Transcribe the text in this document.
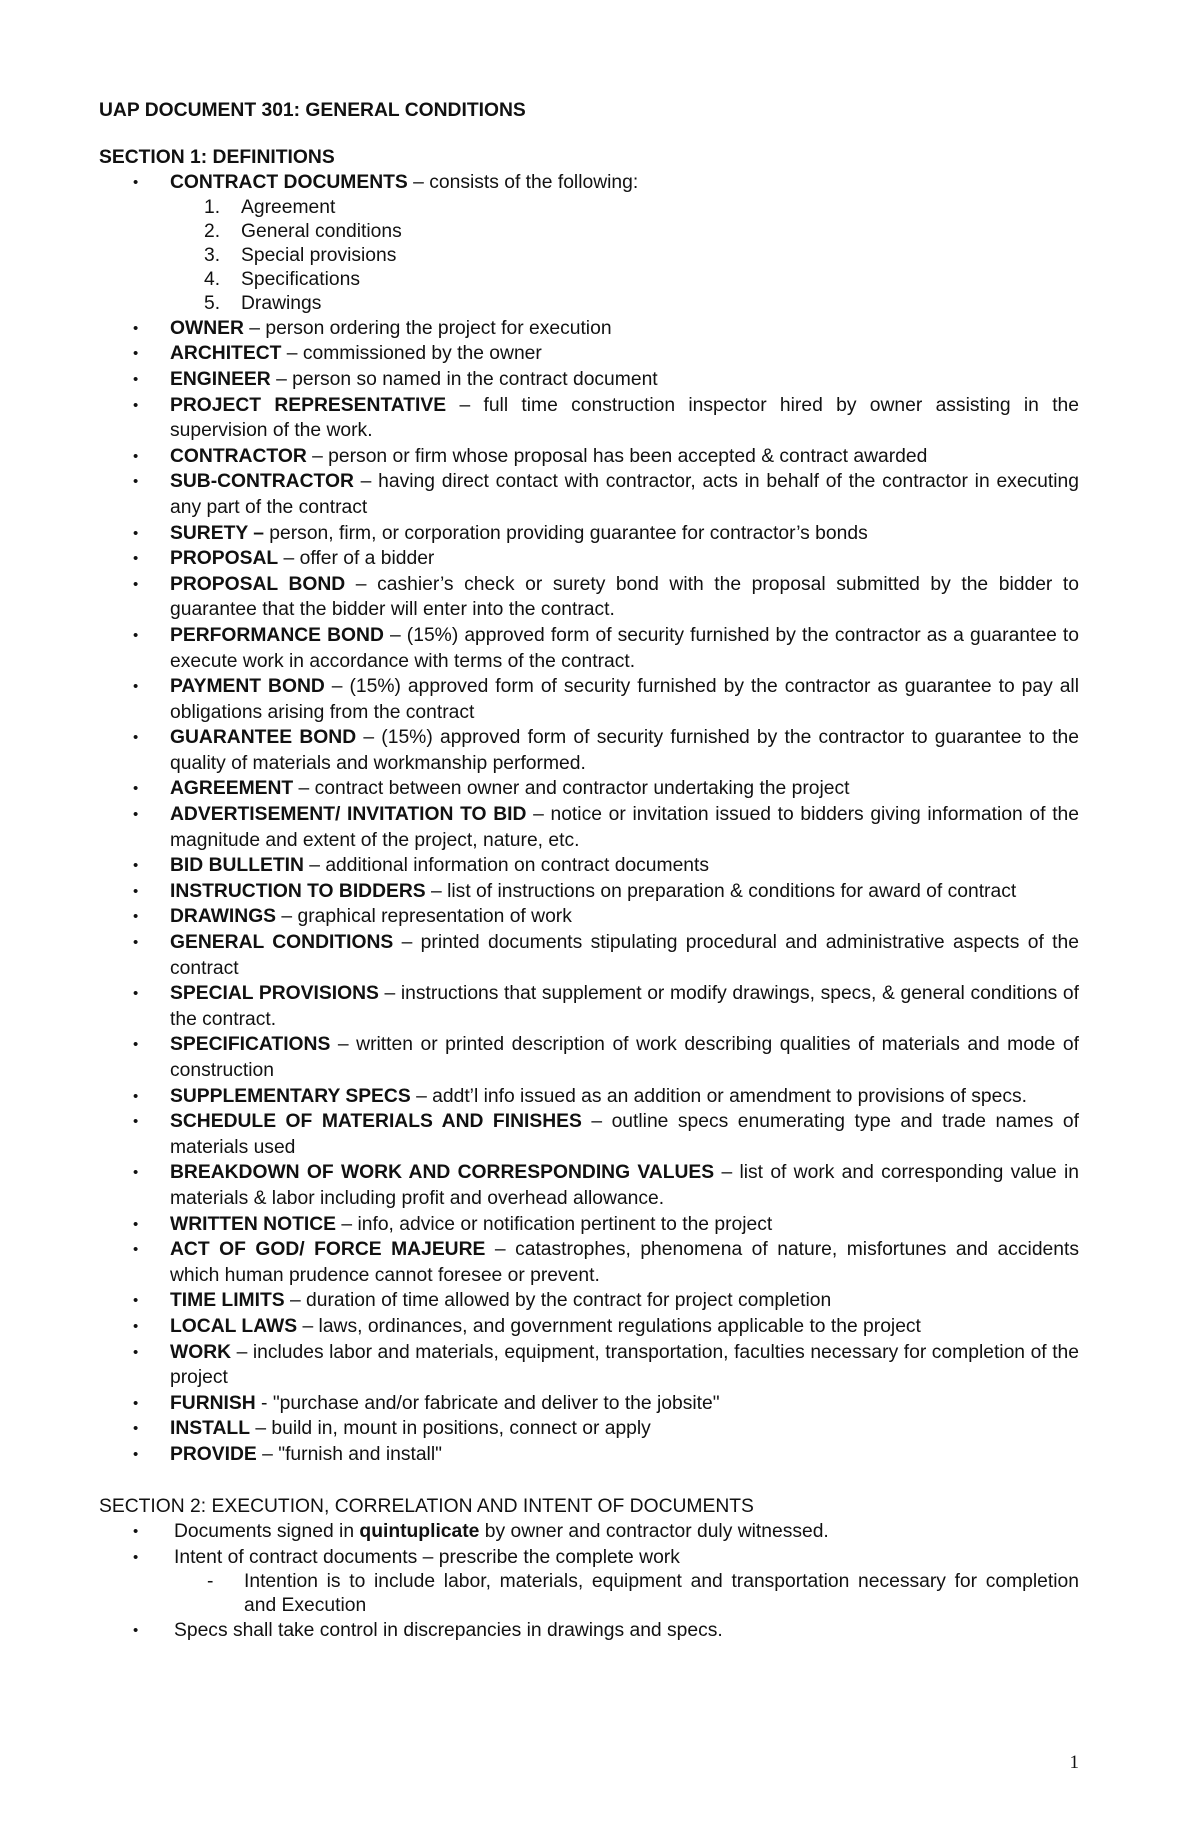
UAP DOCUMENT 301: GENERAL CONDITIONS

SECTION 1: DEFINITIONS

• CONTRACT DOCUMENTS – consists of the following:
1. Agreement
2. General conditions
3. Special provisions
4. Specifications
5. Drawings
• OWNER – person ordering the project for execution
• ARCHITECT – commissioned by the owner
• ENGINEER – person so named in the contract document
• PROJECT REPRESENTATIVE – full time construction inspector hired by owner assisting in the supervision of the work.
• CONTRACTOR – person or firm whose proposal has been accepted & contract awarded
• SUB-CONTRACTOR – having direct contact with contractor, acts in behalf of the contractor in executing any part of the contract
• SURETY – person, firm, or corporation providing guarantee for contractor’s bonds
• PROPOSAL – offer of a bidder
• PROPOSAL BOND – cashier’s check or surety bond with the proposal submitted by the bidder to guarantee that the bidder will enter into the contract.
• PERFORMANCE BOND – (15%) approved form of security furnished by the contractor as a guarantee to execute work in accordance with terms of the contract.
• PAYMENT BOND – (15%) approved form of security furnished by the contractor as guarantee to pay all obligations arising from the contract
• GUARANTEE BOND – (15%) approved form of security furnished by the contractor to guarantee to the quality of materials and workmanship performed.
• AGREEMENT – contract between owner and contractor undertaking the project
• ADVERTISEMENT/ INVITATION TO BID – notice or invitation issued to bidders giving information of the magnitude and extent of the project, nature, etc.
• BID BULLETIN – additional information on contract documents
• INSTRUCTION TO BIDDERS – list of instructions on preparation & conditions for award of contract
• DRAWINGS – graphical representation of work
• GENERAL CONDITIONS – printed documents stipulating procedural and administrative aspects of the contract
• SPECIAL PROVISIONS – instructions that supplement or modify drawings, specs, & general conditions of the contract.
• SPECIFICATIONS – written or printed description of work describing qualities of materials and mode of construction
• SUPPLEMENTARY SPECS – addt’l info issued as an addition or amendment to provisions of specs.
• SCHEDULE OF MATERIALS AND FINISHES – outline specs enumerating type and trade names of materials used
• BREAKDOWN OF WORK AND CORRESPONDING VALUES – list of work and corresponding value in materials & labor including profit and overhead allowance.
• WRITTEN NOTICE – info, advice or notification pertinent to the project
• ACT OF GOD/ FORCE MAJEURE – catastrophes, phenomena of nature, misfortunes and accidents which human prudence cannot foresee or prevent.
• TIME LIMITS – duration of time allowed by the contract for project completion
• LOCAL LAWS – laws, ordinances, and government regulations applicable to the project
• WORK – includes labor and materials, equipment, transportation, faculties necessary for completion of the project
• FURNISH - "purchase and/or fabricate and deliver to the jobsite"
• INSTALL – build in, mount in positions, connect or apply
• PROVIDE – "furnish and install"

SECTION 2: EXECUTION, CORRELATION AND INTENT OF DOCUMENTS

• Documents signed in quintuplicate by owner and contractor duly witnessed.
• Intent of contract documents – prescribe the complete work
- Intention is to include labor, materials, equipment and transportation necessary for completion and Execution
• Specs shall take control in discrepancies in drawings and specs.
1
